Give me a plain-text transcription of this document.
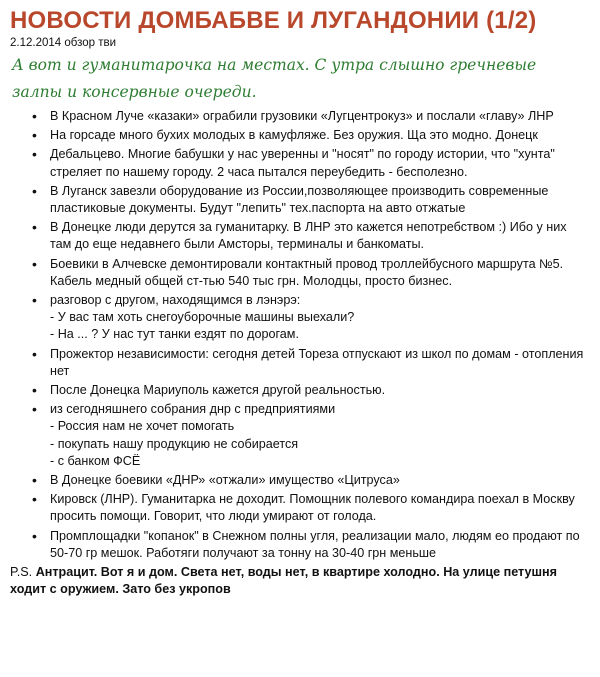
НОВОСТИ ДОМБАБВЕ И ЛУГАНДОНИИ (1/2)
2.12.2014 обзор тви
А вот и гуманитарочка на местах. С утра слышно гречневые залпы и консервные очереди.
• В Красном Луче «казаки» ограбили грузовики «Лугцентрокуз» и послали «главу» ЛНР
• На горсаде много бухих молодых в камуфляже. Без оружия. Ща это модно. Донецк
• Дебальцево. Многие бабушки у нас уверенны и "носят" по городу истории, что "хунта" стреляет по нашему городу. 2 часа пытался переубедить - бесполезно.
• В Луганск завезли оборудование из России,позволяющее производить современные пластиковые документы. Будут "лепить" тех.паспорта на авто отжатые
• В Донецке люди дерутся за гуманитарку. В ЛНР это кажется непотребством :) Ибо у них там до еще недавнего были Амсторы, терминалы и банкоматы.
• Боевики в Алчевске демонтировали контактный провод троллейбусного маршрута №5. Кабель медный общей ст-тью 540 тыс грн. Молодцы, просто бизнес.
• разговор с другом, находящимся в лэнэрэ:
- У вас там хоть снегоуборочные машины выехали?
- На ... ? У нас тут танки ездят по дорогам.
• Прожектор независимости: сегодня детей Тореза отпускают из школ по домам - отопления нет
• После Донецка Мариуполь кажется другой реальностью.
• из сегодняшнего собрания днр с предприятиями
- Россия нам не хочет помогать
- покупать нашу продукцию не собирается
- с банком ФСЁ
• В Донецке боевики «ДНР» «отжали» имущество «Цитруса»
• Кировск (ЛНР). Гуманитарка не доходит. Помощник полевого командира поехал в Москву просить помощи. Говорит, что люди умирают от голода.
• Промплощадки "копанок" в Снежном полны угля, реализации мало, людям ео продают по 50-70 гр мешок. Работяги получают за тонну на 30-40 грн меньше
P.S. Антрацит. Вот я и дом. Света нет, воды нет, в квартире холодно. На улице петушня ходит с оружием. Зато без укропов
